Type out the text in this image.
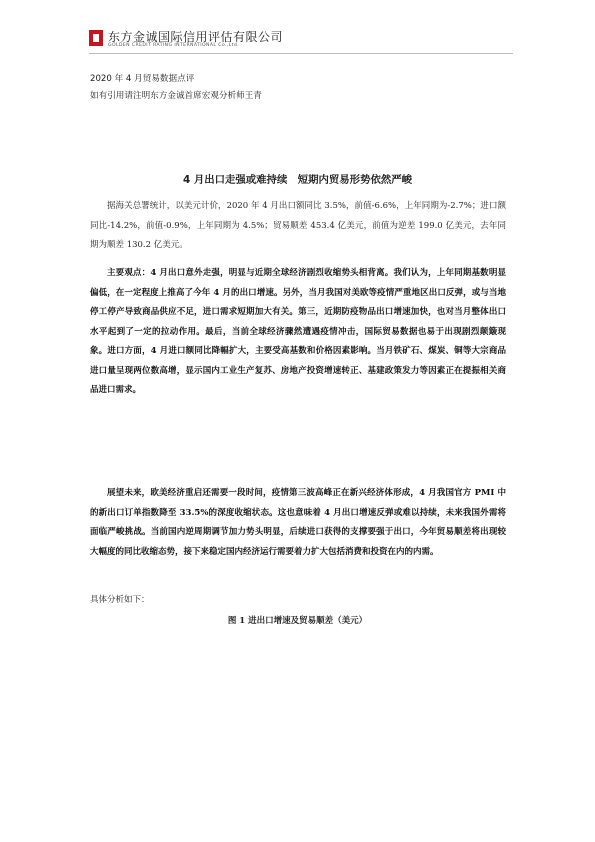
东方金诚国际信用评估有限公司
GOLDEN CREDIT RATING INTERNATIONAL Co.,Ltd.
2020 年 4 月贸易数据点评
如有引用请注明东方金诚首席宏观分析师王青
4 月出口走强或难持续　短期内贸易形势依然严峻

据海关总署统计，以美元计价，2020 年 4 月出口额同比 3.5%，前值-6.6%，上年同期为-2.7%；进口额同比-14.2%，前值-0.9%，上年同期为 4.5%；贸易顺差 453.4 亿美元，前值为逆差 199.0 亿美元，去年同期为顺差 130.2 亿美元。

主要观点：4 月出口意外走强，明显与近期全球经济剧烈收缩势头相背离。我们认为，上年同期基数明显偏低，在一定程度上推高了今年 4 月的出口增速。另外，当月我国对美欧等疫情严重地区出口反弹，或与当地停工停产导致商品供应不足，进口需求短期加大有关。第三，近期防疫物品出口增速加快，也对当月整体出口水平起到了一定的拉动作用。最后，当前全球经济骤然遭遇疫情冲击，国际贸易数据也易于出现剧烈颠簸现象。进口方面，4 月进口额同比降幅扩大，主要受高基数和价格因素影响。当月铁矿石、煤炭、铜等大宗商品进口量呈现两位数高增，显示国内工业生产复苏、房地产投资增速转正、基建政策发力等因素正在提振相关商品进口需求。

展望未来，欧美经济重启还需要一段时间，疫情第三波高峰正在新兴经济体形成，4 月我国官方 PMI 中的新出口订单指数降至 33.5%的深度收缩状态。这也意味着 4 月出口增速反弹或难以持续，未来我国外需将面临严峻挑战。当前国内逆周期调节加力势头明显，后续进口获得的支撑要强于出口，今年贸易顺差将出现较大幅度的同比收缩态势，接下来稳定国内经济运行需要着力扩大包括消费和投资在内的内需。

具体分析如下：
图 1 进出口增速及贸易顺差（美元）
